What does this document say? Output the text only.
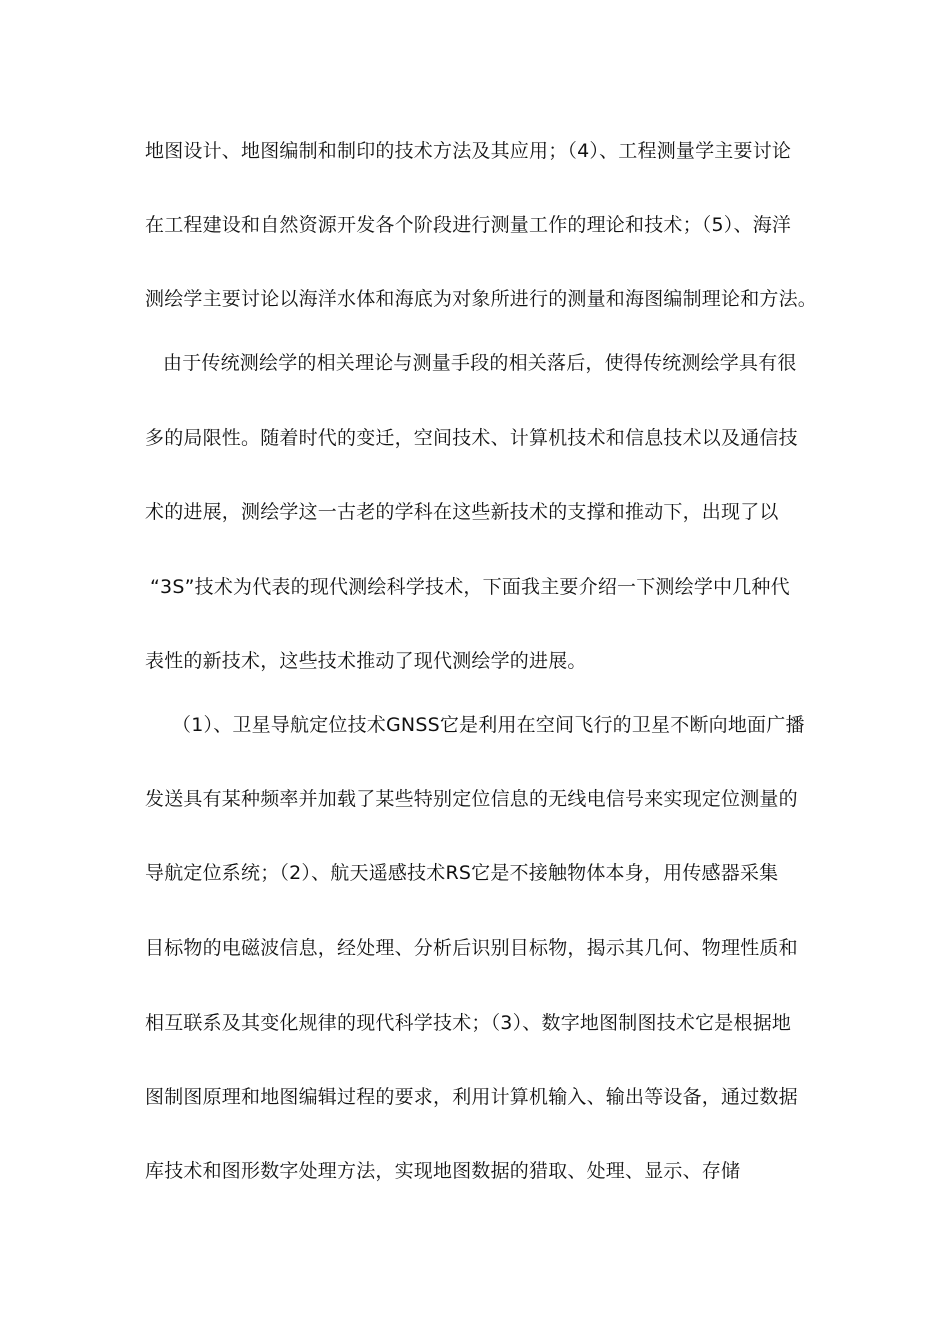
地图设计、地图编制和制印的技术方法及其应用；（4）、工程测量学主要讨论
在工程建设和自然资源开发各个阶段进行测量工作的理论和技术；（5）、海洋
测绘学主要讨论以海洋水体和海底为对象所进行的测量和海图编制理论和方法。
由于传统测绘学的相关理论与测量手段的相关落后，使得传统测绘学具有很
多的局限性。随着时代的变迁，空间技术、计算机技术和信息技术以及通信技
术的进展，测绘学这一古老的学科在这些新技术的支撑和推动下，出现了以
“3S”技术为代表的现代测绘科学技术，下面我主要介绍一下测绘学中几种代
表性的新技术，这些技术推动了现代测绘学的进展。
（1）、卫星导航定位技术GNSS它是利用在空间飞行的卫星不断向地面广播
发送具有某种频率并加载了某些特别定位信息的无线电信号来实现定位测量的
导航定位系统；（2）、航天遥感技术RS它是不接触物体本身，用传感器采集
目标物的电磁波信息，经处理、分析后识别目标物，揭示其几何、物理性质和
相互联系及其变化规律的现代科学技术；（3）、数字地图制图技术它是根据地
图制图原理和地图编辑过程的要求，利用计算机输入、输出等设备，通过数据
库技术和图形数字处理方法，实现地图数据的猎取、处理、显示、存储
